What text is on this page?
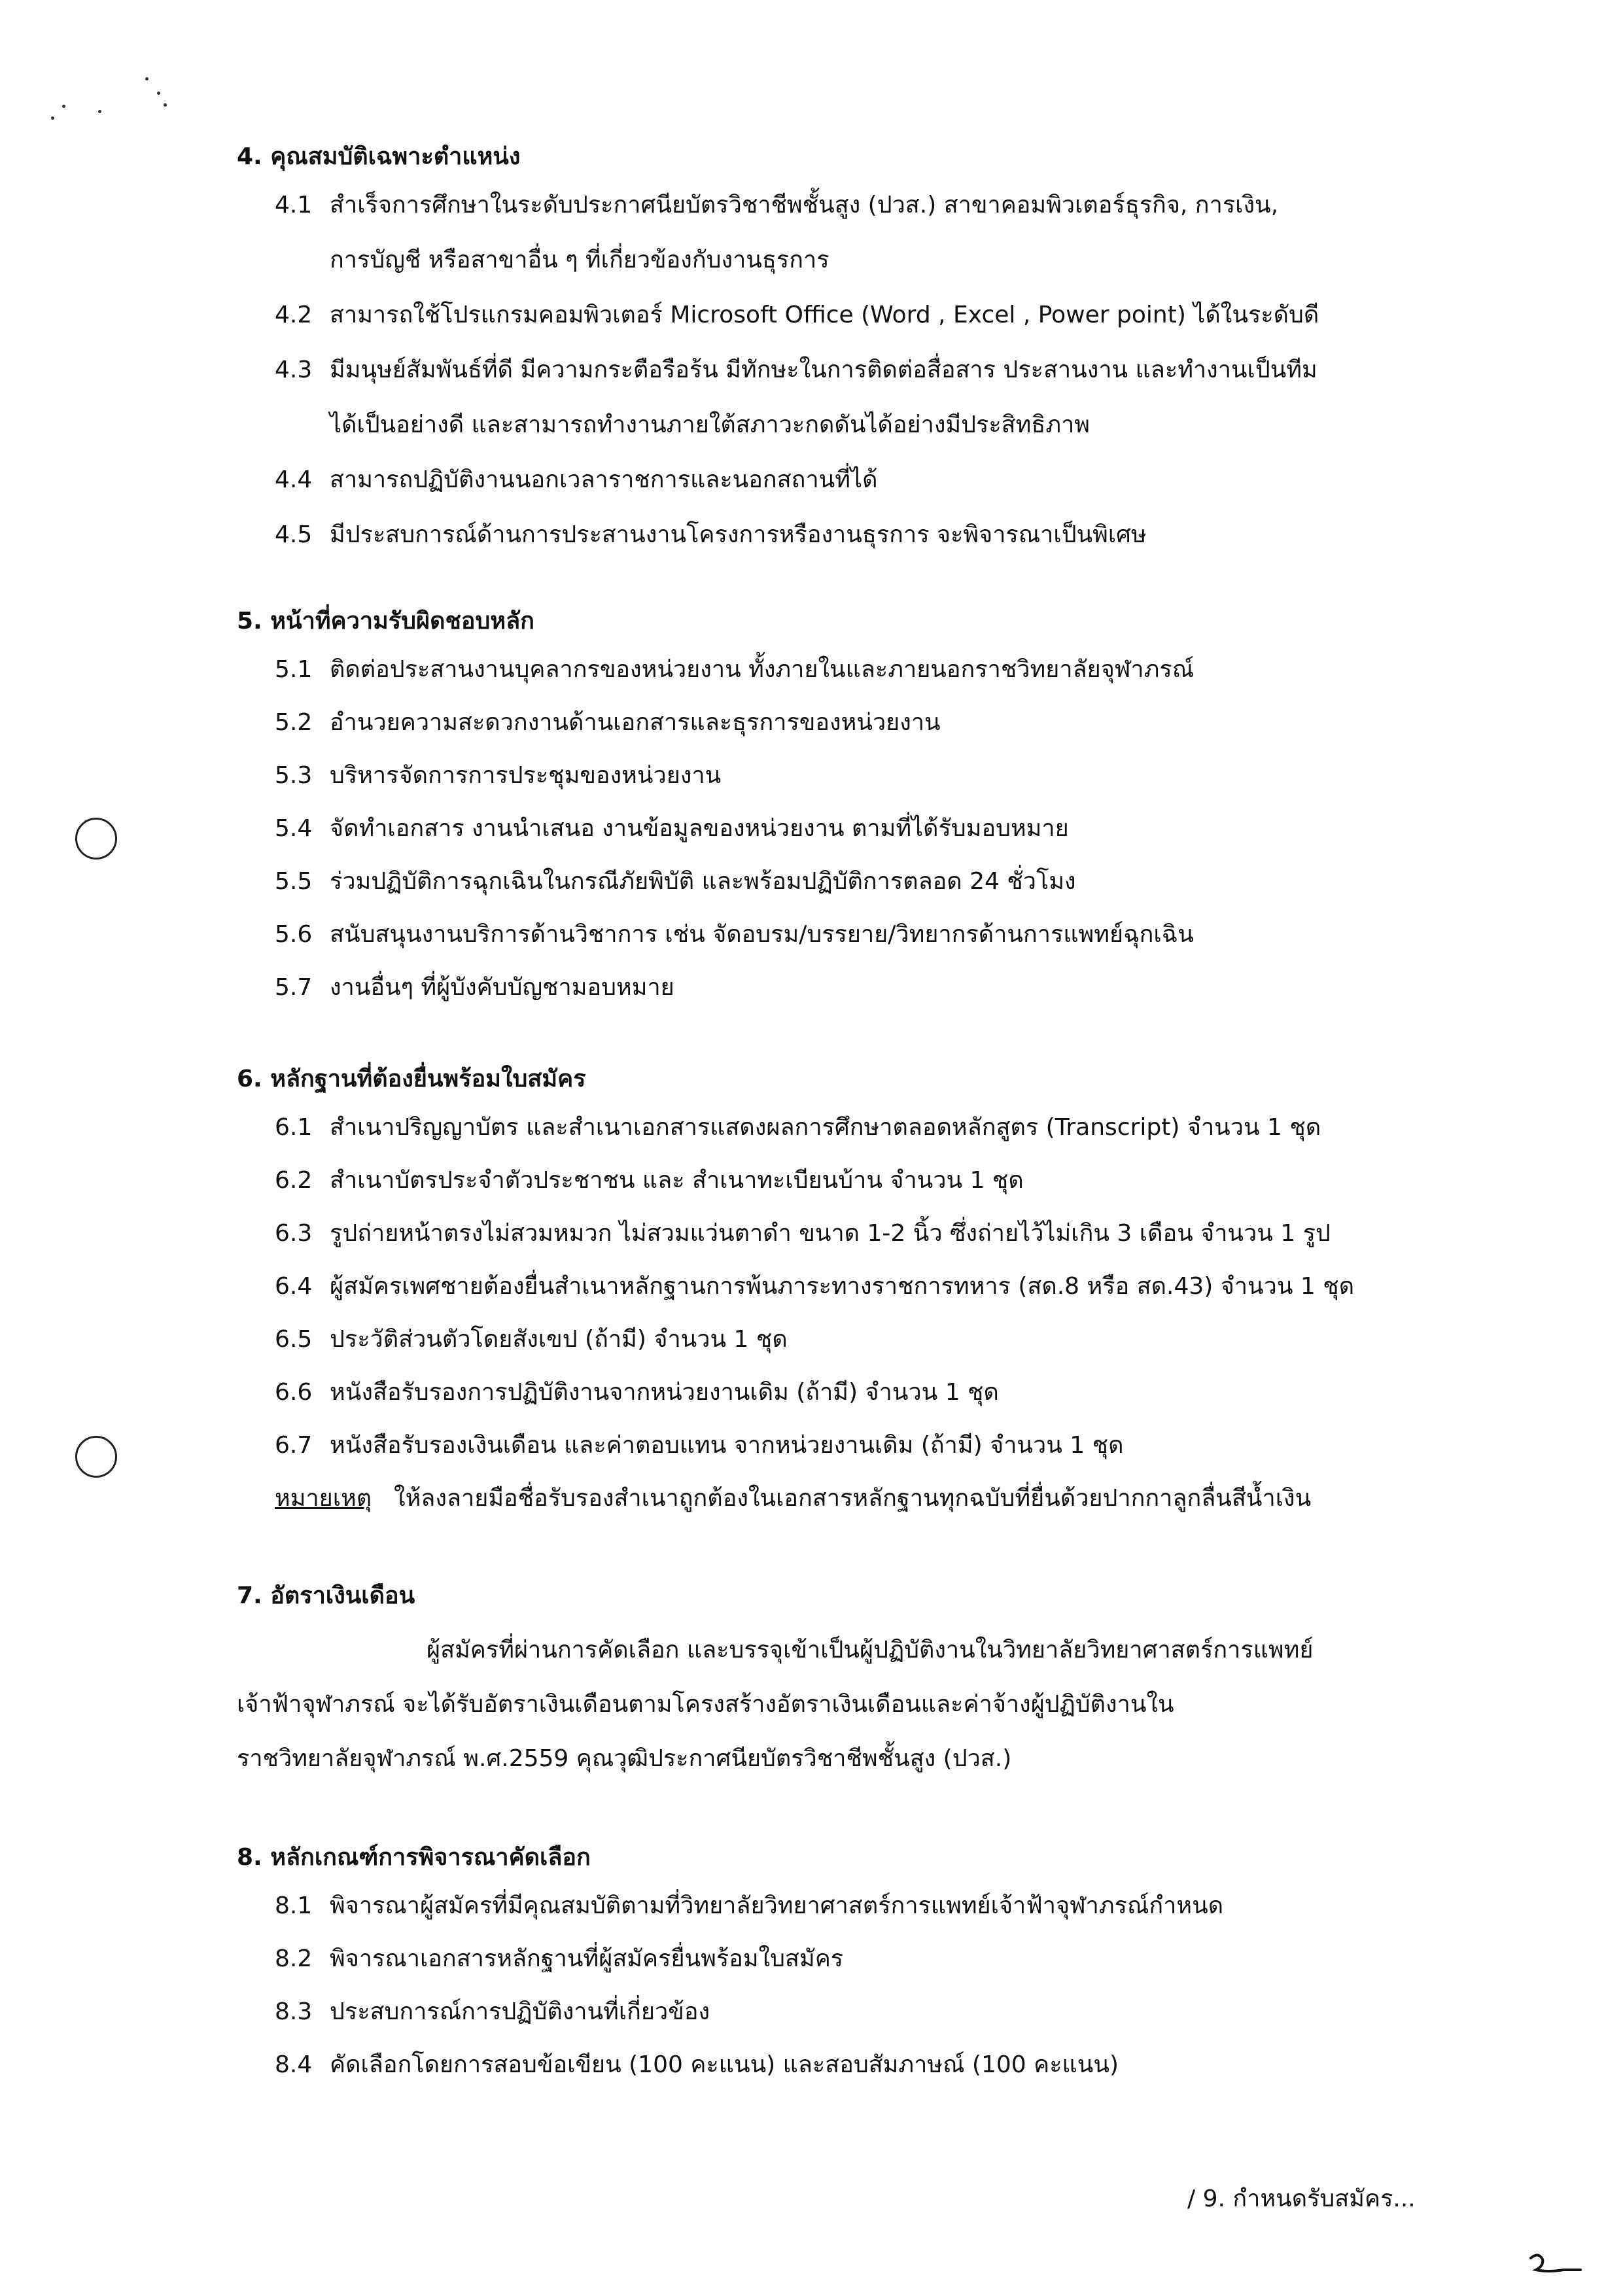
4. คุณสมบัติเฉพาะตำแหน่ง
4.1 สำเร็จการศึกษาในระดับประกาศนียบัตรวิชาชีพชั้นสูง (ปวส.) สาขาคอมพิวเตอร์ธุรกิจ, การเงิน,
การบัญชี หรือสาขาอื่น ๆ ที่เกี่ยวข้องกับงานธุรการ
4.2 สามารถใช้โปรแกรมคอมพิวเตอร์ Microsoft Office (Word , Excel , Power point) ได้ในระดับดี
4.3 มีมนุษย์สัมพันธ์ที่ดี มีความกระตือรือร้น มีทักษะในการติดต่อสื่อสาร ประสานงาน และทำงานเป็นทีม
ได้เป็นอย่างดี และสามารถทำงานภายใต้สภาวะกดดันได้อย่างมีประสิทธิภาพ
4.4 สามารถปฏิบัติงานนอกเวลาราชการและนอกสถานที่ได้
4.5 มีประสบการณ์ด้านการประสานงานโครงการหรืองานธุรการ จะพิจารณาเป็นพิเศษ
5. หน้าที่ความรับผิดชอบหลัก
5.1 ติดต่อประสานงานบุคลากรของหน่วยงาน ทั้งภายในและภายนอกราชวิทยาลัยจุฬาภรณ์
5.2 อำนวยความสะดวกงานด้านเอกสารและธุรการของหน่วยงาน
5.3 บริหารจัดการการประชุมของหน่วยงาน
5.4 จัดทำเอกสาร งานนำเสนอ งานข้อมูลของหน่วยงาน ตามที่ได้รับมอบหมาย
5.5 ร่วมปฏิบัติการฉุกเฉินในกรณีภัยพิบัติ และพร้อมปฏิบัติการตลอด 24 ชั่วโมง
5.6 สนับสนุนงานบริการด้านวิชาการ เช่น จัดอบรม/บรรยาย/วิทยากรด้านการแพทย์ฉุกเฉิน
5.7 งานอื่นๆ ที่ผู้บังคับบัญชามอบหมาย
6. หลักฐานที่ต้องยื่นพร้อมใบสมัคร
6.1 สำเนาปริญญาบัตร และสำเนาเอกสารแสดงผลการศึกษาตลอดหลักสูตร (Transcript) จำนวน 1 ชุด
6.2 สำเนาบัตรประจำตัวประชาชน และ สำเนาทะเบียนบ้าน จำนวน 1 ชุด
6.3 รูปถ่ายหน้าตรงไม่สวมหมวก ไม่สวมแว่นตาดำ ขนาด 1-2 นิ้ว ซึ่งถ่ายไว้ไม่เกิน 3 เดือน จำนวน 1 รูป
6.4 ผู้สมัครเพศชายต้องยื่นสำเนาหลักฐานการพ้นภาระทางราชการทหาร (สด.8 หรือ สด.43) จำนวน 1 ชุด
6.5 ประวัติส่วนตัวโดยสังเขป (ถ้ามี) จำนวน 1 ชุด
6.6 หนังสือรับรองการปฏิบัติงานจากหน่วยงานเดิม (ถ้ามี) จำนวน 1 ชุด
6.7 หนังสือรับรองเงินเดือน และค่าตอบแทน จากหน่วยงานเดิม (ถ้ามี) จำนวน 1 ชุด
หมายเหตุ ให้ลงลายมือชื่อรับรองสำเนาถูกต้องในเอกสารหลักฐานทุกฉบับที่ยื่นด้วยปากกาลูกลื่นสีน้ำเงิน
7. อัตราเงินเดือน
ผู้สมัครที่ผ่านการคัดเลือก และบรรจุเข้าเป็นผู้ปฏิบัติงานในวิทยาลัยวิทยาศาสตร์การแพทย์
เจ้าฟ้าจุฬาภรณ์ จะได้รับอัตราเงินเดือนตามโครงสร้างอัตราเงินเดือนและค่าจ้างผู้ปฏิบัติงานใน
ราชวิทยาลัยจุฬาภรณ์ พ.ศ.2559 คุณวุฒิประกาศนียบัตรวิชาชีพชั้นสูง (ปวส.)
8. หลักเกณฑ์การพิจารณาคัดเลือก
8.1 พิจารณาผู้สมัครที่มีคุณสมบัติตามที่วิทยาลัยวิทยาศาสตร์การแพทย์เจ้าฟ้าจุฬาภรณ์กำหนด
8.2 พิจารณาเอกสารหลักฐานที่ผู้สมัครยื่นพร้อมใบสมัคร
8.3 ประสบการณ์การปฏิบัติงานที่เกี่ยวข้อง
8.4 คัดเลือกโดยการสอบข้อเขียน (100 คะแนน) และสอบสัมภาษณ์ (100 คะแนน)
/ 9. กำหนดรับสมัคร...
